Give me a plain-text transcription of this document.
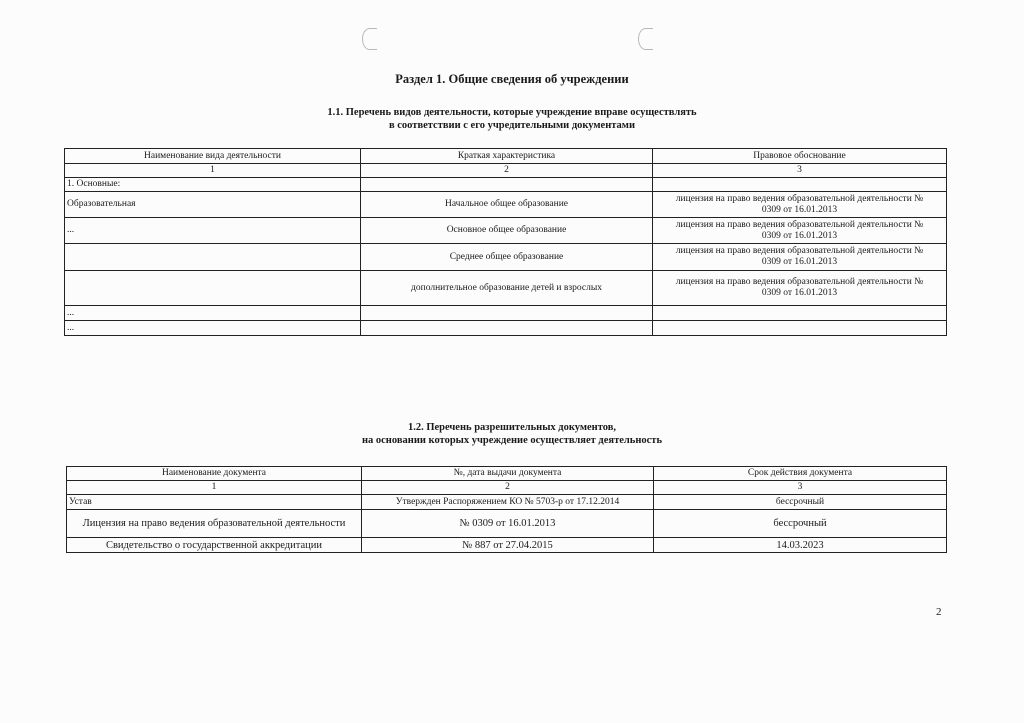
Раздел 1. Общие сведения об учреждении
1.1. Перечень видов деятельности, которые учреждение вправе осуществлять
в соответствии с его учредительными документами
Наименование вида деятельности	Краткая характеристика	Правовое обоснование
1	2	3
1. Основные:		
Образовательная	Начальное общее образование	лицензия на право ведения образовательной деятельности №
0309 от 16.01.2013

...	Основное общее образование	лицензия на право ведения образовательной деятельности №
0309 от 16.01.2013

	Среднее общее образование	лицензия на право ведения образовательной деятельности №
0309 от 16.01.2013

	дополнительное образование детей и взрослых	лицензия на право ведения образовательной деятельности №
0309 от 16.01.2013

...		
...		
1.2. Перечень разрешительных документов,
на основании которых учреждение осуществляет деятельность
Наименование документа	№, дата выдачи документа	Срок действия документа
1	2	3
Устав	Утвержден Распоряжением КО № 5703-р от 17.12.2014	бессрочный
Лицензия на право ведения образовательной деятельности	№ 0309 от 16.01.2013	бессрочный
Свидетельство о государственной аккредитации	№ 887 от 27.04.2015	14.03.2023
2
